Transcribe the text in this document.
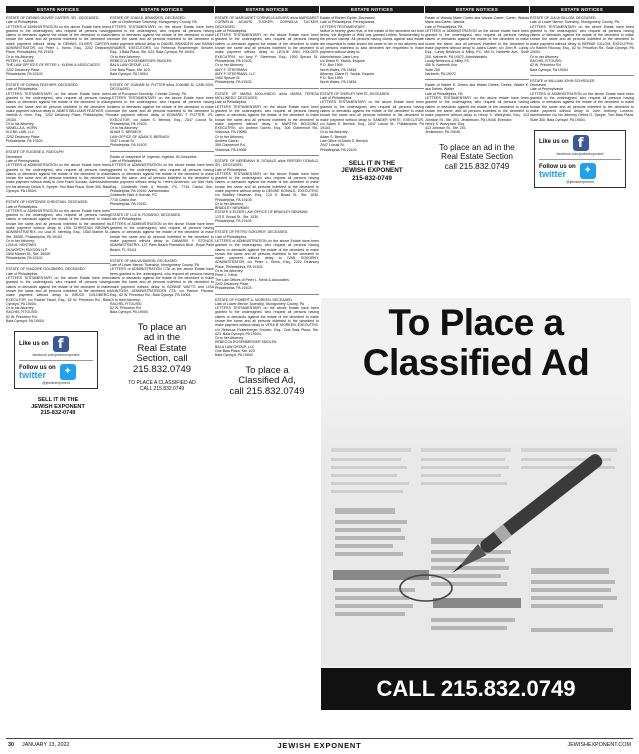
ESTATE NOTICES
ESTATE OF DENNIS OLIVER CARTER, SR., DECEASED.
Late of Philadelphia.
LETTERS of ADMINISTRATION on the above Estate have been granted to the undersigned, who request all persons having claims or demands against the estate of the decedent to make known the same and all persons indebted to the decedent to make payment without delay to DENNIS OLIVER CARTER, ADMINISTRATOR, c/o Peter L. Klenk, Esq., 2202 Delancey Place, Philadelphia, PA 19103,
Or to his Attorney:
PETER L. KLENK
THE LAW OFFICES OF PETER L. KLENK & ASSOCIATES
2202 Delancey Place
Philadelphia, PA 19103
ESTATE OF DONNA FEATHER, DECEASED.
Late of Philadelphia.
LETTERS TESTAMENTARY on the above Estate have been granted to the undersigned, who request all persons having claims or demands against the estate of the decedent to make known the same and all persons indebted to the decedent to make payment without delay to JAMES WILLIAMS FEATHER, c/o Vanella A. Horn, Esq., 2202 Delancey Place, Philadelphia, PA 19103,
Or to his Attorney:
VANELLA A. HORN
KLENK LAW, LLC
2202 Delancey Place
Philadelphia, PA 19103
ESTATE OF EUGENE A. RUDOLPH
Deceased
Late of Pennsylvania.
LETTERS of ADMINISTRATION on the above Estate have been granted to the undersigned, who request all persons having claims or demands against the estate of the decedent to make known the same and all persons indebted to the decedent to make payment without delay to John Frank Sonaan, Administrator c/o his attorney Debra G. Speyer, Two Bala Plaza, Suite 300, Bala Cynwyd, PA 19004.
ESTATE OF HORTENSE CHRISTIAN, DECEASED.
Late of Philadelphia.
LETTERS of ADMINISTRATION on the above Estate have been granted to the undersigned, who request all persons having claims or demands against the estate of the decedent to make known the same and all persons indebted to the decedent to make payment without delay to LISA CHRISTIAN BROWN, ADMINISTRATRIX, c/o Lisa M. Nentwig, Esq., 1500 Market St., Ste. 3500E, Philadelphia, PA 19102,
Or to her Attorney:
LISA M. NENTWIG
DILWORTH PAXSON LLP
1500 Market St., Ste. 3500E
Philadelphia, PA 19102
ESTATE OF ISADORE GOLDBERG, DECEASED.
Late of Philadelphia.
LETTERS TESTAMENTARY on the above Estate have been granted to the undersigned, who request all persons having claims or demands against the estate of the decedent to make known the same and all persons indebted to the decedent to make payment without delay to BRUCE GOLDBERG, EXECUTOR, c/o Rachel Fissel, Esq., 62 W. Princeton Rd., Bala Cynwyd, PA 19004,
Or to his Attorney:
RACHEL FITOUSSI
62 W. Princeton Rd.
Bala Cynwyd, PA 19004
Like us on f
facebook.com/jewishexponent
Follow us on
twitter	✦
@jewishexponent
SELL IT IN THE
JEWISH EXPONENT
215-832-0749
ESTATE NOTICES
ESTATE OF JOAN D. BRANDEIS, DECEASED.
Late of Cheltenham Township, Montgomery County, PA
LETTERS TESTAMENTARY on the above Estate have been granted to the undersigned, who request all persons having claims or demands against the estate of the decedent to make known the same and all persons indebted to the decedent to make payment without delay to DANIEL BRANDEIS and SARAH KRAMER, EXECUTORS, c/o Rebecca Rosenberger Smolen, Esq., 1 Bala Plaza, Ste. 623, Bala Cynwyd, PA 19004,
Or to their Attorney:
REBECCA ROSENBERGER SMOLEN
BALA LAW GROUP, LLC
One Bala Plaza, Ste. 623
Bala Cynwyd, PA 19004
ESTATE OF JOANNE M. PUTTER a/k/a JOANNE M. CARLSON, DECEASED.
Late of Pocopson Township, Chester County, PA
LETTERS TESTAMENTARY on the above Estate have been granted to the undersigned, who request all persons having claims or demands against the estate of the decedent to make known the same and all persons indebted to the decedent to make payment without delay to EDWARD T. PUTTER, JR., EXECUTOR, c/o Adam S. Bernick, Esq., 2047 Locust St., Philadelphia, PA 19103,
Or to his Attorney:
ADAM S. BERNICK
LAW OFFICE OF ADAM S. BERNICK
2047 Locust St.
Philadelphia, PA 19103
Estate of Josephine M. Ingenito, Ingenito, Bl.Josephine
Late of Philadelphia.
LETTERS of ADMINISTRATION on the above estate have been granted to the undersigned, who request all persons having claims or demands against the estate of the decedent to make known the same, and all persons indebted to the decedent to make payment without delay to: Helen Anderson, c/o Neil Hark, Esq., Goldsmith Hark & Hornak, PC, 7716 Castor Ave., Philadelphia, PA 19152. Administrator.
Goldsmith Hark & Hornak, PC
7716 Castor Ave.
Philadelphia, PA 19152
ESTATE OF LUZ N. ROSARIO, DECEASED.
Late of Philadelphia.
LETTERS of ADMINISTRATION on the above Estate have been granted to the undersigned, who request all persons having claims or demands against the estate of the decedent to make known the same and all persons indebted to the decedent to make payment without delay to DAMARIS Y. STONOS, ADMINISTRATRIX, 127 Palm Beach Plantation Blvd., Royal Palm Beach, FL 33411
ESTATE OF MALVA BASKIN, DECEASED.
Late of Lower Merion Township, Montgomery County, PA
LETTERS of ADMINISTRATION CTA on the above Estate have been granted to the undersigned, who request all persons having claims or demands against the estate of the decedent to make known the same and all persons indebted to the decedent to make payment without delay to BONNIE WATTS and LISA McINTOSH, ADMINISTRATRICES CTA, c/o Rachel Fitoussi, Esq., 62 W. Princeton Rd., Bala Cynwyd, PA 19004,
Or to their Attorney:
RACHEL FITOUSSI
62 W. Princeton Rd.
Bala Cynwyd, PA 19004
To place an
ad in the
Real Estate
Section, call
215.832.0749
TO PLACE A CLASSIFIED AD
CALL 215.832.0749
ESTATE NOTICES
ESTATE OF MARGARET CORNELIA AGUIRS a/k/a MARGARET CORNELIA AGUIRS TUCKER, CORNELIA TUCKER, DECEASED.
Late of Philadelphia.
LETTERS TESTAMENTARY on the above Estate have been granted to the undersigned, who request all persons having claims or demands against the estate of the decedent to make known the same and all persons indebted to the decedent to make payment without delay to LESLIE ANN HOLDER, EXECUTRIX, c/o Amy F. Steerman, Esq., 1900 Spruce St., Philadelphia, PA 19103,
Or to her Attorney:
AMY F. STEERMAN
AMY F. STEERMAN, LLC
1900 Spruce St.
Philadelphia, PA 19103
ESTATE OF MARIA MOLLINEDO a/k/a MARIA TERESA MOLLINEDO, DECEASED.
Late of Philadelphia.
LETTERS TESTAMENTARY on the above Estate have been granted to the undersigned, who request all persons having claims or demands against the estate of the decedent to make known the same and all persons indebted to the decedent to make payment without delay to MARTHA BOGGINO, EXECUTRIX, c/o Andrew Gavrin, Esq., 306 Clairemont Rd., Villanova, PA 19085,
Or to her Attorney:
Andrew Gavrin
306 Clairemont Rd.
Villanova, PA 19085
ESTATE OF NEREMIAH B. DONALD a/k/a REESER DONALD, SR., DECEASED.
Late of Philadelphia.
LETTERS TESTAMENTARY on the above Estate have been granted to the undersigned, who request all persons having claims or demands against the estate of the decedent to make known the same and all persons indebted to the decedent to make payment without delay to DENISE DONALD, EXECUTRIX, c/o Bradley Newman, Esq., 123 S. Broad St., Ste. 1030, Philadelphia, PA 19109,
Or to her Attorney:
BRADLEY NEWMAN
ESTATE & ELDER LAW OFFICE OF BRADLEY NEWMAN
123 S. Broad St., Ste. 1030
Philadelphia, PA 19109
ESTATE OF PETRO SOKORNY, DECEASED.
Late of Philadelphia.
LETTERS of ADMINISTRATION on the above Estate have been granted to the undersigned, who request all persons having claims or demands against the estate of the decedent to make known the same and all persons indebted to the decedent to make payment without delay to IVAN SOKORNY, ADMINISTRATOR, c/o Peter L. Klenk, Esq., 2202 Delancey Place, Philadelphia, PA 19103,
Or to his Attorney:
Peter L. Klenk
The Law Offices of Peter L. Klenk & Associates
2202 Delancey Place
Philadelphia, PA 19103
ESTATE OF ROBERT A. MOREEN, DECEASED.
Late of Lower Merion Township, Montgomery County, PA
LETTERS TESTAMENTARY on the above Estate have been granted to the undersigned, who request all persons having claims or demands against the estate of the decedent to make known the same and all persons indebted to the decedent to make payment without delay to VERA B. MOREEN, EXECUTRIX, c/o Rebecca Rosenberger Smolen, Esq., One Bala Plaza, Ste. 623, Bala Cynwyd, PA 19004,
Or to her Attorney:
REBECCA ROSENBERGER SMOLEN
BALA LAW GROUP, LLC
One Bala Plaza, Ste. 623
Bala Cynwyd, PA 19004
To place a
Classified Ad,
call 215.832.0749
ESTATE NOTICES
Estate of Robert Eipher, Deceased
Late of Philadelphia, Pennsylvania
LETTERS TESTAMENTARY
Notice is hereby given that, in the estate of the decedent set forth below, the Register of Wills has granted Letters Testamentary to the person named. All persons having claims against said estate are requested to make known the same to her or her attorney and all persons indebted to said decedent are requested to make payment without delay to:
Administrator, Jane Levy
c/o Diane R. Yaciuk, Esquire
P.O. Box 1999
North Wales, PA 19454
Attorney: Diane R. Yaciuk, Esquire
P.O. Box 1999
North Wales, PA 19454
ESTATE OF SHIRLEY WHITE, DECEASED.
Late of Philadelphia.
LETTERS TESTAMENTARY on the above Estate have been granted to the undersigned, who request all persons having claims or demands against the estate of the decedent to make known the same and all persons indebted to the decedent to make payment without delay to SANDER WHITE, EXECUTOR, c/o Adam S. Bernick, Esq., 2047 Locust St., Philadelphia, PA 19103,
Or to his Attorney:
Adam S. Bernick
Law Office of Adam S. Bernick
2047 Locust St.
Philadelphia, PA 19103
SELL IT IN THE
JEWISH EXPONENT
215-832-0749
ESTATE NOTICES
Estate of Wanda Marie Carter aka Wanda Carter; Carter, Wanda Marie aka Carter, Wanda
Late of Philadelphia, PA
LETTERS of ADMINISTRATION on the above estate have been granted to the undersigned, who request all persons having claims or demands against the estate of the decedent to make known the same, and all persons indebted to the decedent to make payment without delay to Jakira Carter, c/o John R. Lundy, Esq., Lundy Beldecos & Milby, PC, 450 N. Narberth Ave., Suite 200, Narberth, PA 19072, Administratrix.
Lundy Beldecos & Milby, PC
450 N. Narberth Ave.
Suite 200
Narberth, PA 19072
Estate of Walter K. Debes aka Walter Debes; Debes, Walter K. aka Debes, Walter
Late of Philadelphia, PA
LETTERS TESTAMENTARY on the above estate have been granted to the undersigned, who request all persons having claims or demands against the estate of the decedent to make known the same, and all persons indebted to the decedent to make payment without delay to Henry S. Warzynski, Esq., 413 Johnson St., Ste. 201, Jenkintown, PA 19046, Executor.
Henry S. Warzynski, Esq.
413 Johnson St., Ste. 201
Jenkintown, PA 19046
To place an ad in the
Real Estate Section
call 215.832.0749
ESTATE NOTICES
ESTATE OF JULIA GILLOM, DECEASED.
Late of Lower Merion Township, Montgomery County, PA
LETTERS TESTAMENTARY on the above Estate have been granted to the undersigned, who request all persons having claims or demands against the estate of the decedent to make known the same and all persons indebted to the decedent to make payment without delay to BERNIE GILLOM, EXECUTRIX, c/o Rachel Fitoussi, Esq., 62 W. Princeton Rd., Bala Cynwyd, PA 19004,
Or to her Attorney:
RACHEL FITOUSSI
62 W. Princeton Rd.
Bala Cynwyd, PA 19004
ESTATE of WILLIAM JOHN SCHISSLER
Deceased
Late of Pennsylvania
LETTERS of ADMINISTRATION on the above Estate have been granted to the undersigned, who request all persons having claims or demands against the estate of the decedent to make known the same and all persons indebted to the decedent to make payment without delay to John Anthony Lorenzo, Administrator c/o his attorney Debra G. Speyer, Two Bala Plaza, Suite 300, Bala Cynwyd, PA 19004.
Like us on f
facebook.com/jewishexponent
Follow us on
twitter	✦
@jewishexponent
To Place a
Classified Ad
CALL 215.832.0749
30 JANUARY 13, 2022	JEWISH EXPONENT	JEWISHEXPONENT.COM
